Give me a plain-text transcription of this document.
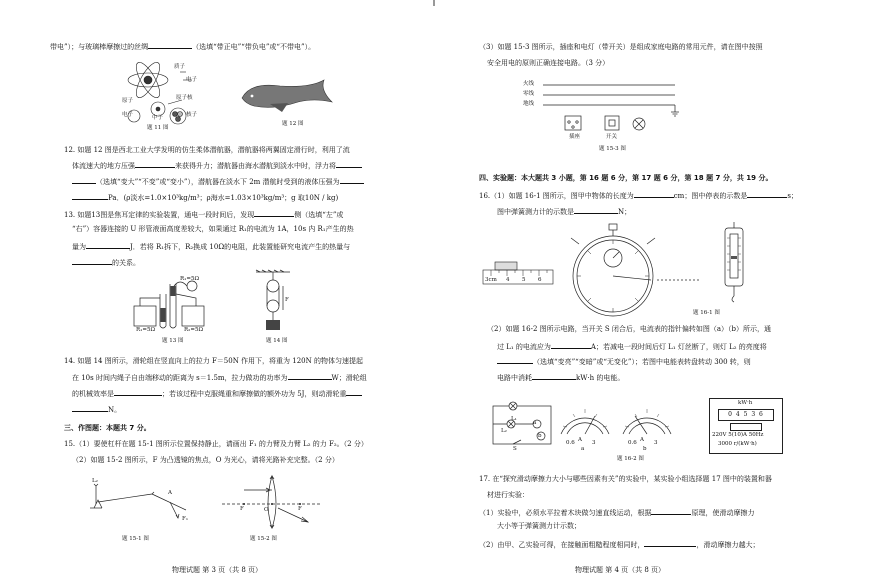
带电”）；与玻璃棒摩擦过的丝绸	（选填“带正电”“带负电”或“不带电”）。
质子
电子
原子	原子核
中子
电子	核子
题 11 图
题 12 图
12. 如题 12 图是西北工业大学发明的仿生柔体潜航器，潜航器将两翼固定滑行时，利用了流
体流速大的地方压强	来获得升力；潜航器由海水潜航到淡水中时，浮力将
（选填“变大”“不变”或“变小”），潜航器在淡水下 2m 潜航时受到的液体压强为
Pa．(ρ淡水=1.0×10³kg/m³；ρ海水=1.03×10³kg/m³；g 取10N / kg)
13. 如题13图是焦耳定律的实验装置，通电一段时间后，发现	侧（选填“左”或
“右”）容器连接的 U 形管液面高度差较大，如果通过 R₁的电流为 1A，10s 内 R₁产生的热
量为	J．若将 R₁拆下，R₂换成 10Ω的电阻，此装置能研究电流产生的热量与
的关系。
R₁=5Ω
R₁=5Ω	R₂=5Ω
题 13 图
F
题 14 图
14. 如题 14 图所示，滑轮组在竖直向上的拉力 F＝50N 作用下，将重为 120N 的物体匀速提起
在 10s 时间内绳子自由端移动的距离为 s＝1.5m，拉力做功的功率为	W；滑轮组
的机械效率是	；若该过程中克服绳重和摩擦做的额外功为 5J，则动滑轮重
N。
三、作图题：本题共 7 分。
15.（1）要使杠杆在题 15-1 图所示位置保持静止，请画出 F₁ 的力臂及力臂 L₂ 的力 F₂。（2 分）
（2）如题 15-2 图所示，F 为凸透镜的焦点，O 为光心，请将光路补充完整。（2 分）
L₂
A
F₁
题 15-1 图
F	O	F
题 15-2 图
物理试题 第 3 页（共 8 页）
（3）如题 15-3 图所示，插座和电灯（带开关）是组成家庭电路的常用元件，请在图中按照
安全用电的原则正确连接电路。（3 分）
火线
零线
地线
插座	开关
题 15-3 图
四、实验题：本大题共 3 小题，第 16 题 6 分，第 17 题 6 分，第 18 题 7 分，共 19 分。
16.（1）如题 16-1 图所示，图甲中物体的长度为	cm；图中停表的示数是	s；
图中弹簧测力计的示数是	N；
3cm 4 5 6
题 16-1 图
（2）如题 16-2 图所示电路，当开关 S 闭合后，电流表的指针偏转如图（a）（b）所示，通
过 L₁ 的电流应为	A；若减电一段时间后灯 L₁ 灯丝断了，则灯 L₂ 的亮度将
（选填“变亮”“变暗”或“无变化”）；若图中电能表转盘转动 300 转，则
电路中消耗	kW·h 的电能。
L₁
L₂
a
b
S
A
0.6	3
a
A
0.6	3
b
kW·h
0 4 5 3 6
220V 5(10)A 50Hz
3000 r/(kW·h)
题 16-2 图
17. 在“探究滑动摩擦力大小与哪些因素有关”的实验中，某实验小组选择题 17 图中的装置和器
材进行实验：
（1）实验中，必须水平拉着木块做匀速直线运动，根据	原理，使滑动摩擦力
大小等于弹簧测力计示数；
（2）由甲、乙实验可得，在接触面粗糙程度相同时，	，滑动摩擦力越大；
物理试题 第 4 页（共 8 页）
